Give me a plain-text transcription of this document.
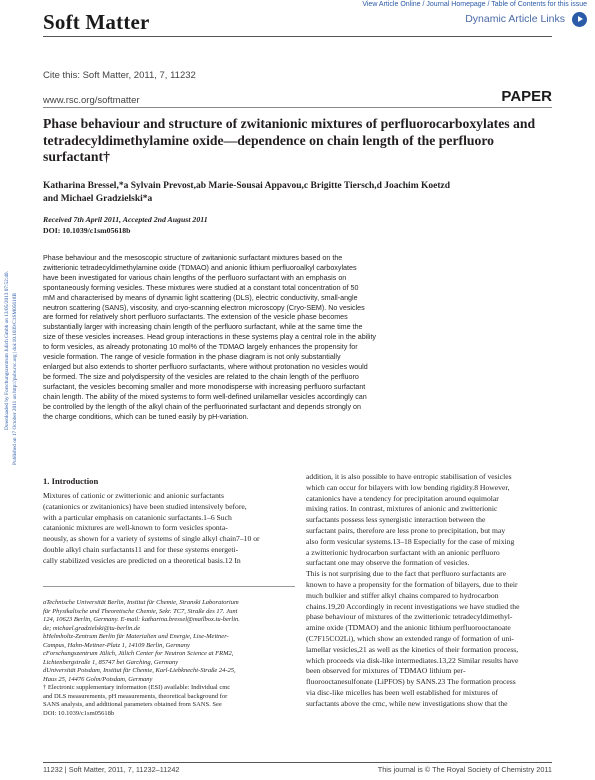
Soft Matter
View Article Online / Journal Homepage / Table of Contents for this issue
Dynamic Article Links
Cite this: Soft Matter, 2011, 7, 11232
www.rsc.org/softmatter	PAPER
Phase behaviour and structure of zwitanionic mixtures of perfluorocarboxylates and tetradecyldimethylamine oxide—dependence on chain length of the perfluoro surfactant†
Katharina Bressel,*a Sylvain Prevost,ab Marie-Sousai Appavou,c Brigitte Tiersch,d Joachim Koetzd
and Michael Gradzielski*a
Received 7th April 2011, Accepted 2nd August 2011
DOI: 10.1039/c1sm05618b
Downloaded by Forschungszentrum Julich Gmbh on 13/05/2013 07:52:40. Published on 17 October 2011 on http://pubs.rsc.org | doi:10.1039/C1SM05618B
Phase behaviour and the mesoscopic structure of zwitanionic surfactant mixtures based on the
zwitterionic tetradecyldimethylamine oxide (TDMAO) and anionic lithium perfluoroalkyl carboxylates
have been investigated for various chain lengths of the perfluoro surfactant with an emphasis on
spontaneously forming vesicles. These mixtures were studied at a constant total concentration of 50
mM and characterised by means of dynamic light scattering (DLS), electric conductivity, small-angle
neutron scattering (SANS), viscosity, and cryo-scanning electron microscopy (Cryo-SEM). No vesicles
are formed for relatively short perfluoro surfactants. The extension of the vesicle phase becomes
substantially larger with increasing chain length of the perfluoro surfactant, while at the same time the
size of these vesicles increases. Head group interactions in these systems play a central role in the ability
to form vesicles, as already protonating 10 mol% of the TDMAO largely enhances the propensity for
vesicle formation. The range of vesicle formation in the phase diagram is not only substantially
enlarged but also extends to shorter perfluoro surfactants, where without protonation no vesicles would
be formed. The size and polydispersity of the vesicles are related to the chain length of the perfluoro
surfactant, the vesicles becoming smaller and more monodisperse with increasing perfluoro surfactant
chain length. The ability of the mixed systems to form well-defined unilamellar vesicles accordingly can
be controlled by the length of the alkyl chain of the perfluorinated surfactant and depends strongly on
the charge conditions, which can be tuned easily by pH-variation.
1. Introduction
Mixtures of cationic or zwitterionic and anionic surfactants
(catanionics or zwitanionics) have been studied intensively before,
with a particular emphasis on catanionic surfactants.1–6 Such
catanionic mixtures are well-known to form vesicles sponta-
neously, as shown for a variety of systems of single alkyl chain7–10 or
double alkyl chain surfactants11 and for these systems energeti-
cally stabilized vesicles are predicted on a theoretical basis.12 In
aTechnische Universität Berlin, Institut für Chemie, Stranski Laboratorium
für Physikalische und Theoretische Chemie, Sekr. TC7, Straße des 17. Juni
124, 10623 Berlin, Germany. E-mail: katharina.bressel@mailbox.tu-berlin.
de; michael.gradzielski@tu-berlin.de
bHelmholtz-Zentrum Berlin für Materialien und Energie, Lise-Meitner-
Campus, Hahn-Meitner-Platz 1, 14109 Berlin, Germany
cForschungszentrum Jülich, Jülich Center for Neutron Science at FRM2,
Lichtenbergstraße 1, 85747 bei Garching, Germany
dUniversität Potsdam, Institut für Chemie, Karl-Liebknecht-Straße 24-25,
Haus 25, 14476 Golm/Potsdam, Germany
† Electronic supplementary information (ESI) available: Individual cmc
and DLS measurements, pH measurements, theoretical background for
SANS analysis, and additional parameters obtained from SANS. See
DOI: 10.1039/c1sm05618b
addition, it is also possible to have entropic stabilisation of vesicles
which can occur for bilayers with low bending rigidity.8 However,
catanionics have a tendency for precipitation around equimolar
mixing ratios. In contrast, mixtures of anionic and zwitterionic
surfactants possess less synergistic interaction between the
surfactant pairs, therefore are less prone to precipitation, but may
also form vesicular systems.13–18 Especially for the case of mixing
a zwitterionic hydrocarbon surfactant with an anionic perfluoro
surfactant one may observe the formation of vesicles.
This is not surprising due to the fact that perfluoro surfactants are
known to have a propensity for the formation of bilayers, due to their
much bulkier and stiffer alkyl chains compared to hydrocarbon
chains.19,20 Accordingly in recent investigations we have studied the
phase behaviour of mixtures of the zwitterionic tetradecyldimethyl-
amine oxide (TDMAO) and the anionic lithium perfluorooctanoate
(C7F15CO2Li), which show an extended range of formation of uni-
lamellar vesicles,21 as well as the kinetics of their formation process,
which proceeds via disk-like intermediates.13,22 Similar results have
been observed for mixtures of TDMAO lithium per-
fluorooctanesulfonate (LiPFOS) by SANS.23 The formation process
via disc-like micelles has been well established for mixtures of
surfactants above the cmc, while new investigations show that the
11232 | Soft Matter, 2011, 7, 11232–11242	This journal is © The Royal Society of Chemistry 2011
